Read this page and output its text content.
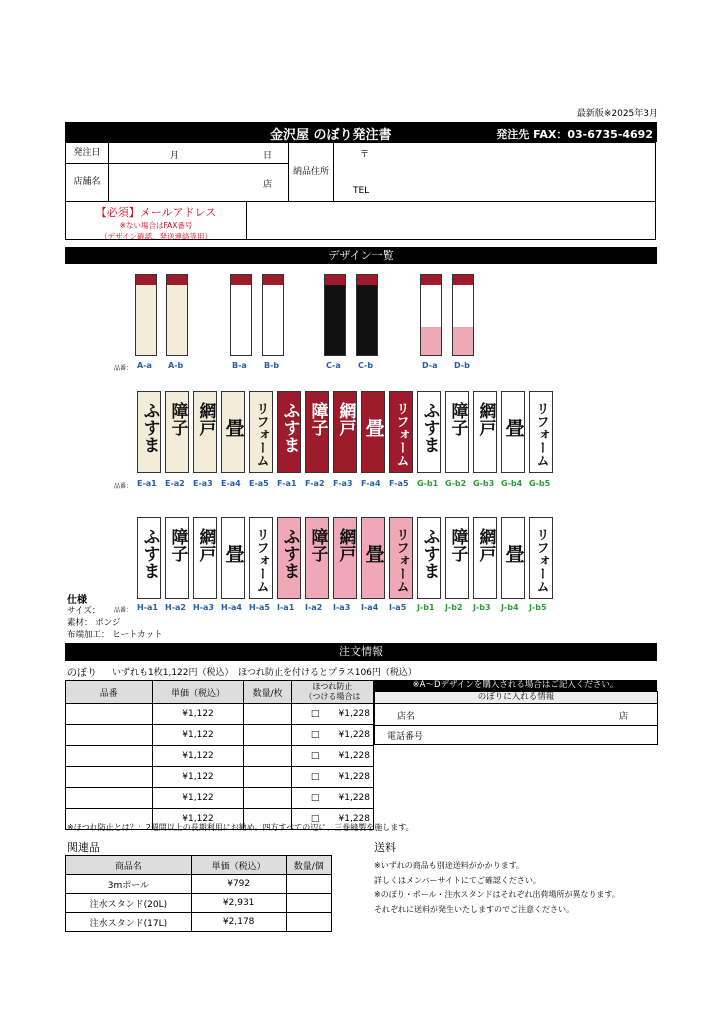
最新版※2025年3月
金沢屋 のぼり発注書	発注先 FAX：03-6735-4692
発注日	月	日
店舗名	店
納品住所
〒
TEL
【必須】メールアドレス
※ない場合はFAX番号
（デザイン確認、発送連絡等用）
デザイン一覧
品番： A-a A-b	B-a B-b	C-a C-b	D-a D-b
品番：
ふすま
E-a1
障子
E-a2
網戸
E-a3
畳
E-a4
リフォーム
E-a5
ふすま
F-a1
障子
F-a2
網戸
F-a3
畳
F-a4
リフォーム
F-a5
ふすま
G-b1
障子
G-b2
網戸
G-b3
畳
G-b4
リフォーム
G-b5
品番：
ふすま
H-a1
障子
H-a2
網戸
H-a3
畳
H-a4
リフォーム
H-a5
ふすま
I-a1
障子
I-a2
網戸
I-a3
畳
I-a4
リフォーム
I-a5
ふすま
J-b1
障子
J-b2
網戸
J-b3
畳
J-b4
リフォーム
J-b5
仕様
サイズ：
素材： ポンジ
布端加工： ヒートカット
注文情報
のぼり いずれも1枚1,122円（税込）　ほつれ防止を付けるとプラス106円（税込）
品番	単価（税込）	数量/枚	ほつれ防止
（つける場合は

	¥1,122		□ ¥1,228

	¥1,122		□ ¥1,228

	¥1,122		□ ¥1,228

	¥1,122		□ ¥1,228

	¥1,122		□ ¥1,228

	¥1,122		□ ¥1,228
※A～Dデザインを購入される場合はご記入ください。
のぼりに入れる情報
店名	店
電話番号
※ほつれ防止とは？：2週間以上の長期利用にお勧め。四方すべての辺に、三巻縫製を施します。
関連品
商品名	単価（税込）	数量/個
3mポール	¥792	
注水スタンド(20L)	¥2,931	
注水スタンド(17L)	¥2,178	
送料
※いずれの商品も別途送料がかかります。
詳しくはメンバーサイトにてご確認ください。
※のぼり・ポール・注水スタンドはそれぞれ出荷場所が異なります。
それぞれに送料が発生いたしますのでご注意ください。
